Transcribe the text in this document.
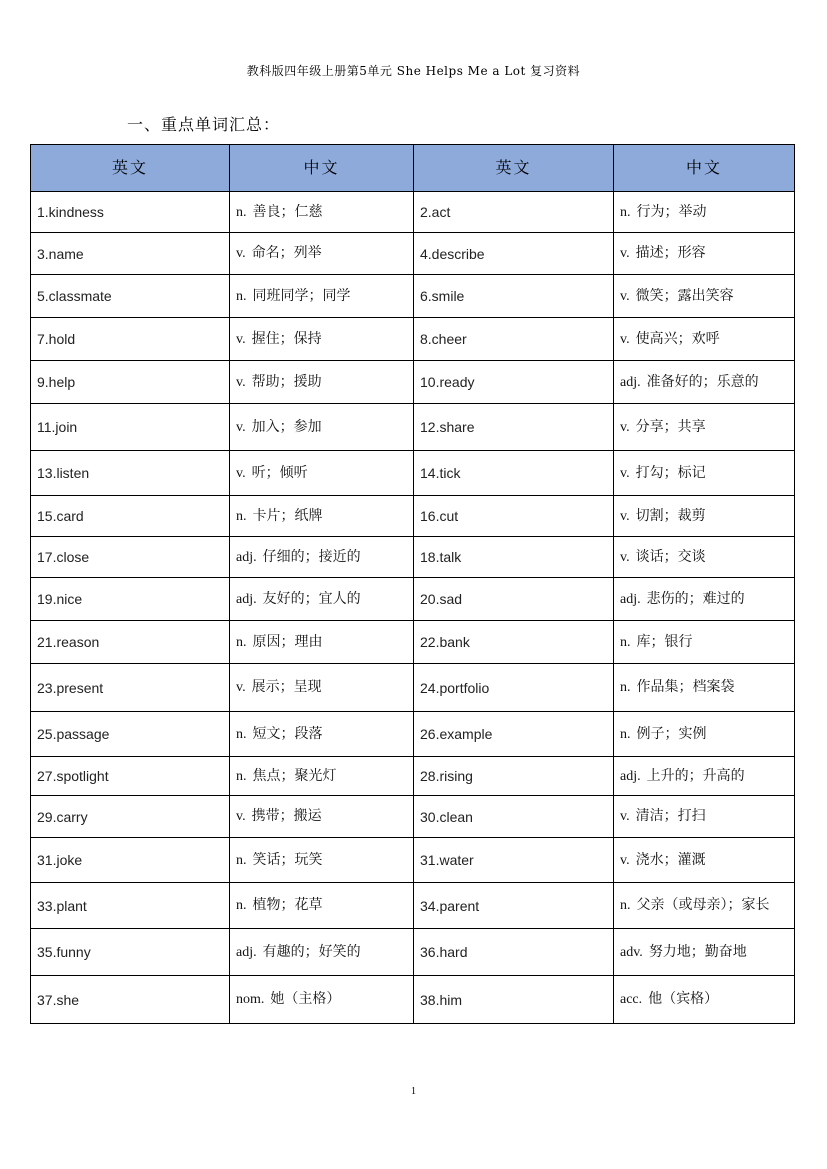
教科版四年级上册第5单元 She Helps Me a Lot 复习资料
一、重点单词汇总：
英文	中文	英文	中文
1.kindness	n. 善良；仁慈	2.act	n. 行为；举动
3.name	v. 命名；列举	4.describe	v. 描述；形容
5.classmate	n. 同班同学；同学	6.smile	v. 微笑；露出笑容
7.hold	v. 握住；保持	8.cheer	v. 使高兴；欢呼
9.help	v. 帮助；援助	10.ready	adj. 准备好的；乐意的
11.join	v. 加入；参加	12.share	v. 分享；共享
13.listen	v. 听；倾听	14.tick	v. 打勾；标记
15.card	n. 卡片；纸牌	16.cut	v. 切割；裁剪
17.close	adj. 仔细的；接近的	18.talk	v. 谈话；交谈
19.nice	adj. 友好的；宜人的	20.sad	adj. 悲伤的；难过的
21.reason	n. 原因；理由	22.bank	n. 库；银行
23.present	v. 展示；呈现	24.portfolio	n. 作品集；档案袋
25.passage	n. 短文；段落	26.example	n. 例子；实例
27.spotlight	n. 焦点；聚光灯	28.rising	adj. 上升的；升高的
29.carry	v. 携带；搬运	30.clean	v. 清洁；打扫
31.joke	n. 笑话；玩笑	31.water	v. 浇水；灌溉
33.plant	n. 植物；花草	34.parent	n. 父亲（或母亲）；家长
35.funny	adj. 有趣的；好笑的	36.hard	adv. 努力地；勤奋地
37.she	nom. 她（主格）	38.him	acc. 他（宾格）
1
